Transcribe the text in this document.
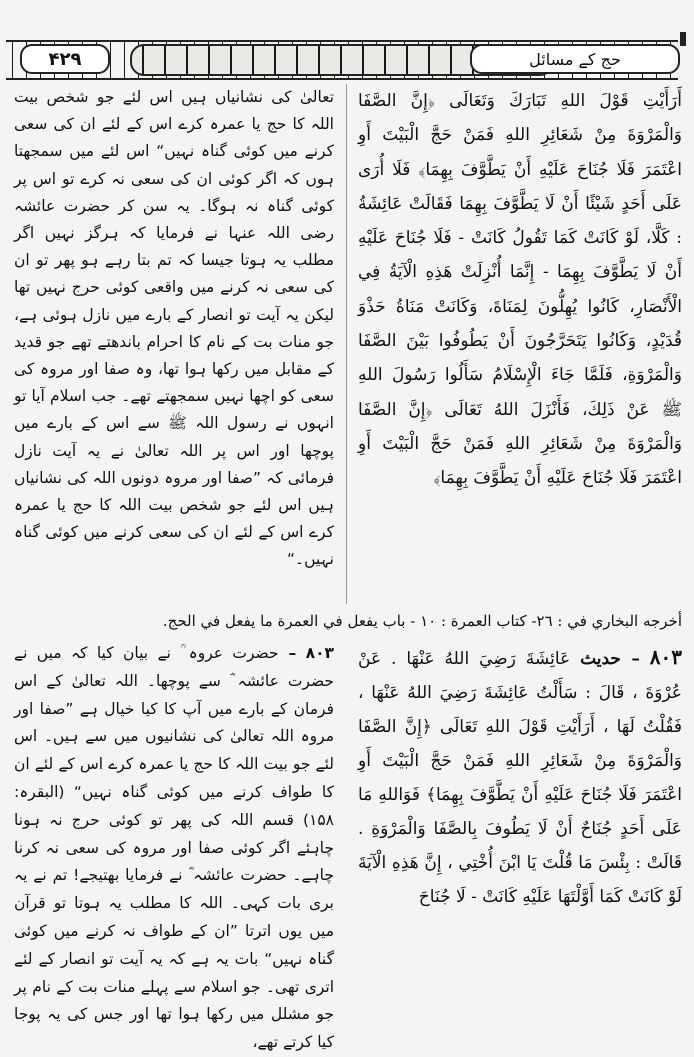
۴۲۹	حج کے مسائل

أَرَأَيْتِ قَوْلَ اللهِ تَبَارَكَ وَتَعَالَى ﴿إِنَّ الصَّفَا وَالْمَرْوَةَ مِنْ شَعَائِرِ اللهِ فَمَنْ حَجَّ الْبَيْتَ أَوِ اعْتَمَرَ فَلَا جُنَاحَ عَلَيْهِ أَنْ يَطَّوَّفَ بِهِمَا﴾ فَلَا أُرَى عَلَى أَحَدٍ شَيْئًا أَنْ لَا يَطَّوَّفَ بِهِمَا فَقَالَتْ عَائِشَةُ : كَلَّا، لَوْ كَانَتْ كَمَا تَقُولُ كَانَتْ - فَلَا جُنَاحَ عَلَيْهِ أَنْ لَا يَطَّوَّفَ بِهِمَا - إِنَّمَا أُنْزِلَتْ هَذِهِ الْآيَةُ فِي الْأَنْصَارِ، كَانُوا يُهِلُّونَ لِمَنَاةَ، وَكَانَتْ مَنَاةُ حَذْوَ قُدَيْدٍ، وَكَانُوا يَتَحَرَّجُونَ أَنْ يَطُوفُوا بَيْنَ الصَّفَا وَالْمَرْوَةِ، فَلَمَّا جَاءَ الْإِسْلَامُ سَأَلُوا رَسُولَ اللهِ ﷺ عَنْ ذَلِكَ، فَأَنْزَلَ اللهُ تَعَالَى ﴿إِنَّ الصَّفَا وَالْمَرْوَةَ مِنْ شَعَائِرِ اللهِ فَمَنْ حَجَّ الْبَيْتَ أَوِ اعْتَمَرَ فَلَا جُنَاحَ عَلَيْهِ أَنْ يَطَّوَّفَ بِهِمَا﴾

تعالیٰ کی نشانیاں ہیں اس لئے جو شخص بیت اللہ کا حج یا عمرہ کرے اس کے لئے ان کی سعی کرنے میں کوئی گناہ نہیں“ اس لئے میں سمجھتا ہوں کہ اگر کوئی ان کی سعی نہ کرے تو اس پر کوئی گناہ نہ ہوگا۔ یہ سن کر حضرت عائشہ رضی اللہ عنہا نے فرمایا کہ ہرگز نہیں اگر مطلب یہ ہوتا جیسا کہ تم بتا رہے ہو پھر تو ان کی سعی نہ کرنے میں واقعی کوئی حرج نہیں تھا لیکن یہ آیت تو انصار کے بارے میں نازل ہوئی ہے، جو منات بت کے نام کا احرام باندھتے تھے جو قدید کے مقابل میں رکھا ہوا تھا، وہ صفا اور مروہ کی سعی کو اچھا نہیں سمجھتے تھے۔ جب اسلام آیا تو انہوں نے رسول اللہ ﷺ سے اس کے بارے میں پوچھا اور اس پر اللہ تعالیٰ نے یہ آیت نازل فرمائی کہ ”صفا اور مروہ دونوں اللہ کی نشانیاں ہیں اس لئے جو شخص بیت اللہ کا حج یا عمرہ کرے اس کے لئے ان کی سعی کرنے میں کوئی گناہ نہیں۔“

أخرجه البخاري في : ٢٦- كتاب العمرة : ١٠ - باب يفعل في العمرة ما يفعل في الحج.

٨٠٣ – حديث عَائِشَةَ رَضِيَ اللهُ عَنْهَا . عَنْ عُرْوَةَ ، قَالَ : سَأَلْتُ عَائِشَةَ رَضِيَ اللهُ عَنْهَا ، فَقُلْتُ لَهَا ، أَرَأَيْتِ قَوْلَ اللهِ تَعَالَى ﴿إِنَّ الصَّفَا وَالْمَرْوَةَ مِنْ شَعَائِرِ اللهِ فَمَنْ حَجَّ الْبَيْتَ أَوِ اعْتَمَرَ فَلَا جُنَاحَ عَلَيْهِ أَنْ يَطَّوَّفَ بِهِمَا﴾ فَوَاللهِ مَا عَلَى أَحَدٍ جُنَاحٌ أَنْ لَا يَطُوفَ بِالصَّفَا وَالْمَرْوَةِ . قَالَتْ : بِئْسَ مَا قُلْتَ يَا ابْنَ أُخْتِي ، إِنَّ هَذِهِ الْآيَةَ لَوْ كَانَتْ كَمَا أَوَّلْتَهَا عَلَيْهِ كَانَتْ - لَا جُنَاحَ

۸۰۳ – حضرت عروہ ؒ نے بیان کیا کہ میں نے حضرت عائشہ ؓ سے پوچھا۔ اللہ تعالیٰ کے اس فرمان کے بارے میں آپ کا کیا خیال ہے ”صفا اور مروہ اللہ تعالیٰ کی نشانیوں میں سے ہیں۔ اس لئے جو بیت اللہ کا حج یا عمرہ کرے اس کے لئے ان کا طواف کرنے میں کوئی گناہ نہیں“ (البقرہ: ۱۵۸) قسم اللہ کی پھر تو کوئی حرج نہ ہونا چاہئے اگر کوئی صفا اور مروہ کی سعی نہ کرنا چاہے۔ حضرت عائشہ ؓ نے فرمایا بھتیجے! تم نے یہ بری بات کہی۔ اللہ کا مطلب یہ ہوتا تو قرآن میں یوں اترتا ”ان کے طواف نہ کرنے میں کوئی گناہ نہیں“ بات یہ ہے کہ یہ آیت تو انصار کے لئے اتری تھی۔ جو اسلام سے پہلے منات بت کے نام پر جو مشلل میں رکھا ہوا تھا اور جس کی یہ پوجا کیا کرتے تھے،
